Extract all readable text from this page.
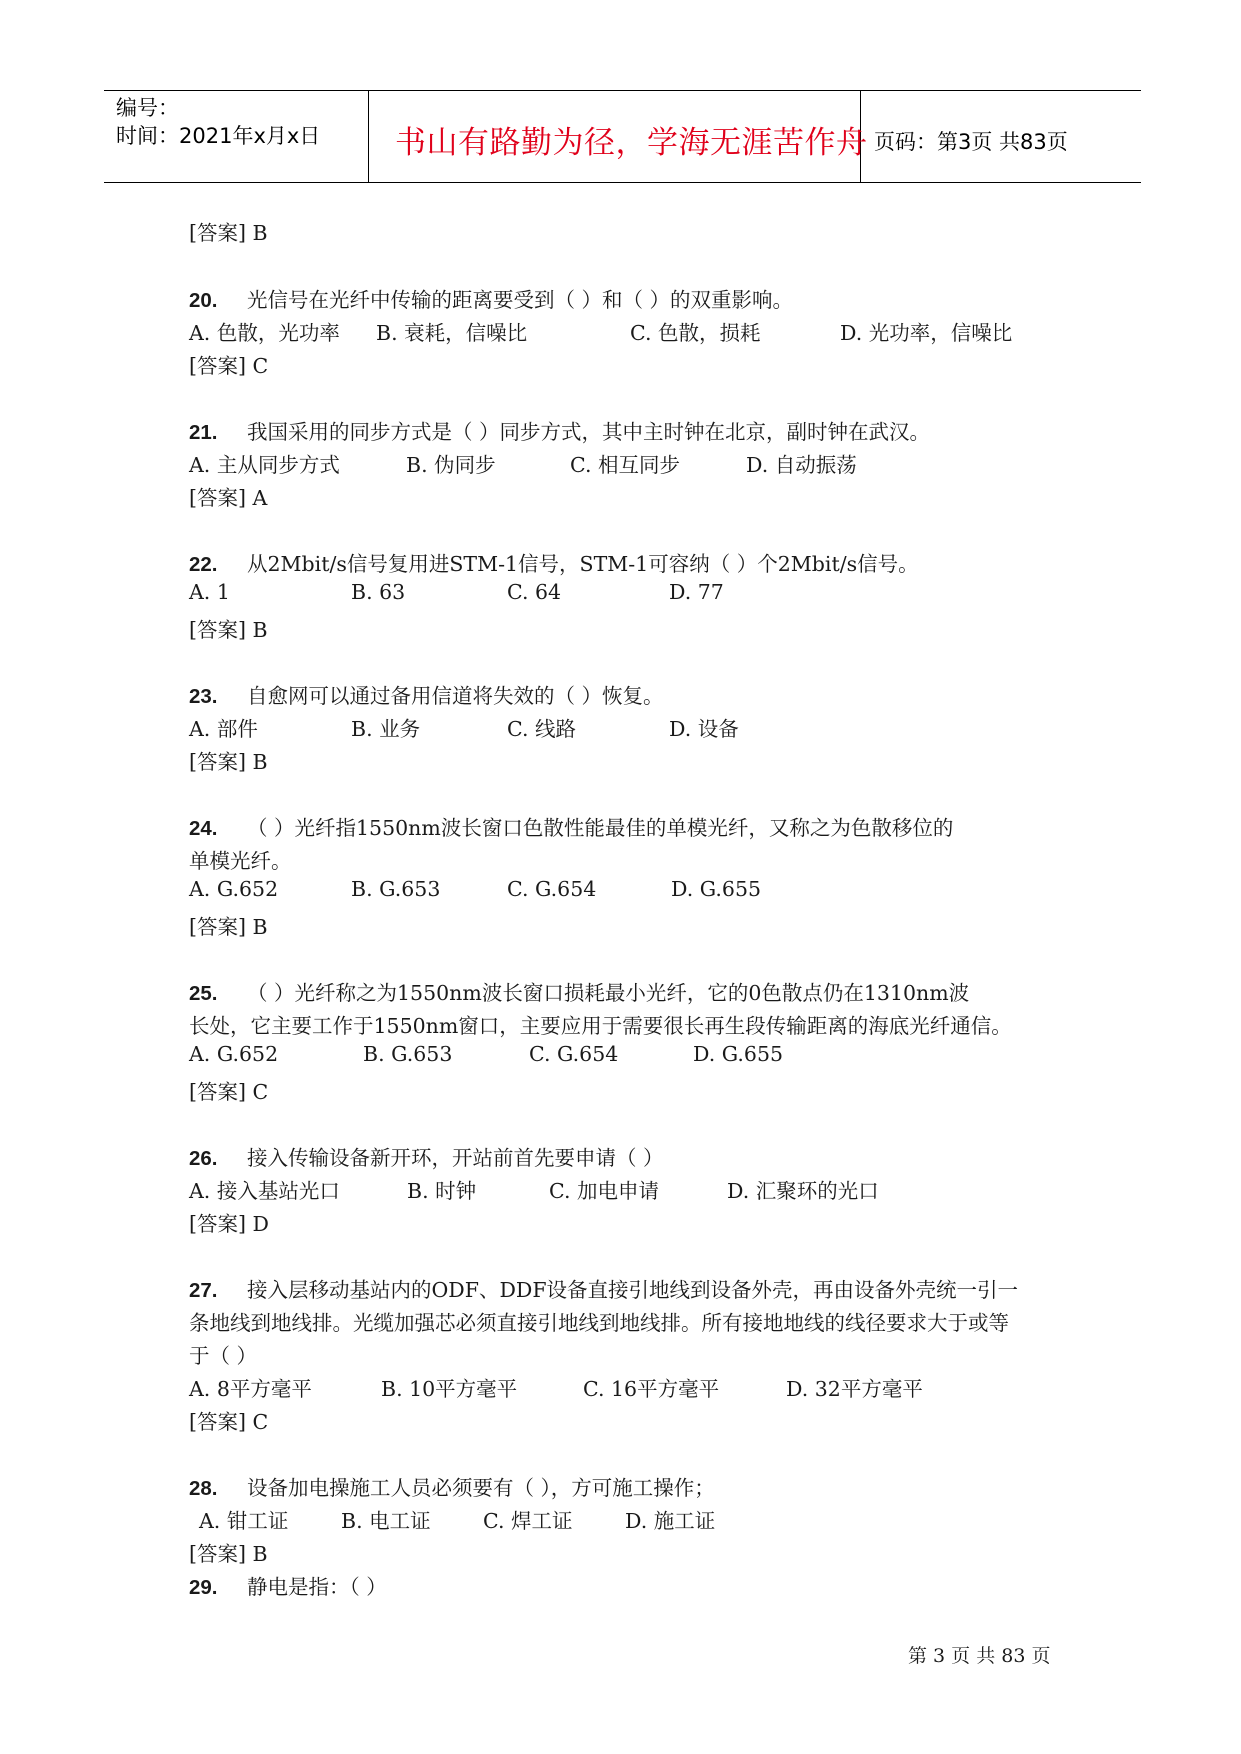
编号：
时间：2021年x月x日 书山有路勤为径，学海无涯苦作舟 页码：第3页 共83页
[答案] B
20. 光信号在光纤中传输的距离要受到（ ）和（ ）的双重影响。
A. 色散，光功率 B. 衰耗，信噪比	C. 色散，损耗	D. 光功率，信噪比
[答案] C
21. 我国采用的同步方式是（ ）同步方式，其中主时钟在北京，副时钟在武汉。
A. 主从同步方式	B. 伪同步	C. 相互同步	D. 自动振荡
[答案] A
22. 从2Mbit/s信号复用进STM-1信号，STM-1可容纳（ ）个2Mbit/s信号。
A. 1	B. 63	C. 64	D. 77
[答案] B
23. 自愈网可以通过备用信道将失效的（ ）恢复。
A. 部件	B. 业务	C. 线路	D. 设备
[答案] B
24. （ ）光纤指1550nm波长窗口色散性能最佳的单模光纤，又称之为色散移位的
单模光纤。
A. G.652	B. G.653	C. G.654	D. G.655
[答案] B
25. （ ）光纤称之为1550nm波长窗口损耗最小光纤，它的0色散点仍在1310nm波
长处，它主要工作于1550nm窗口，主要应用于需要很长再生段传输距离的海底光纤通信。
A. G.652	B. G.653	C. G.654	D. G.655
[答案] C
26. 接入传输设备新开环，开站前首先要申请（ ）
A. 接入基站光口	B. 时钟	C. 加电申请	D. 汇聚环的光口
[答案] D
27. 接入层移动基站内的ODF、DDF设备直接引地线到设备外壳，再由设备外壳统一引一
条地线到地线排。光缆加强芯必须直接引地线到地线排。所有接地地线的线径要求大于或等
于（ ）
A. 8平方毫平	B. 10平方毫平	C. 16平方毫平	D. 32平方毫平
[答案] C
28. 设备加电操施工人员必须要有（ ），方可施工操作；
A. 钳工证	B. 电工证	C. 焊工证	D. 施工证
[答案] B
29. 静电是指：（ ）
第 3 页 共 83 页
